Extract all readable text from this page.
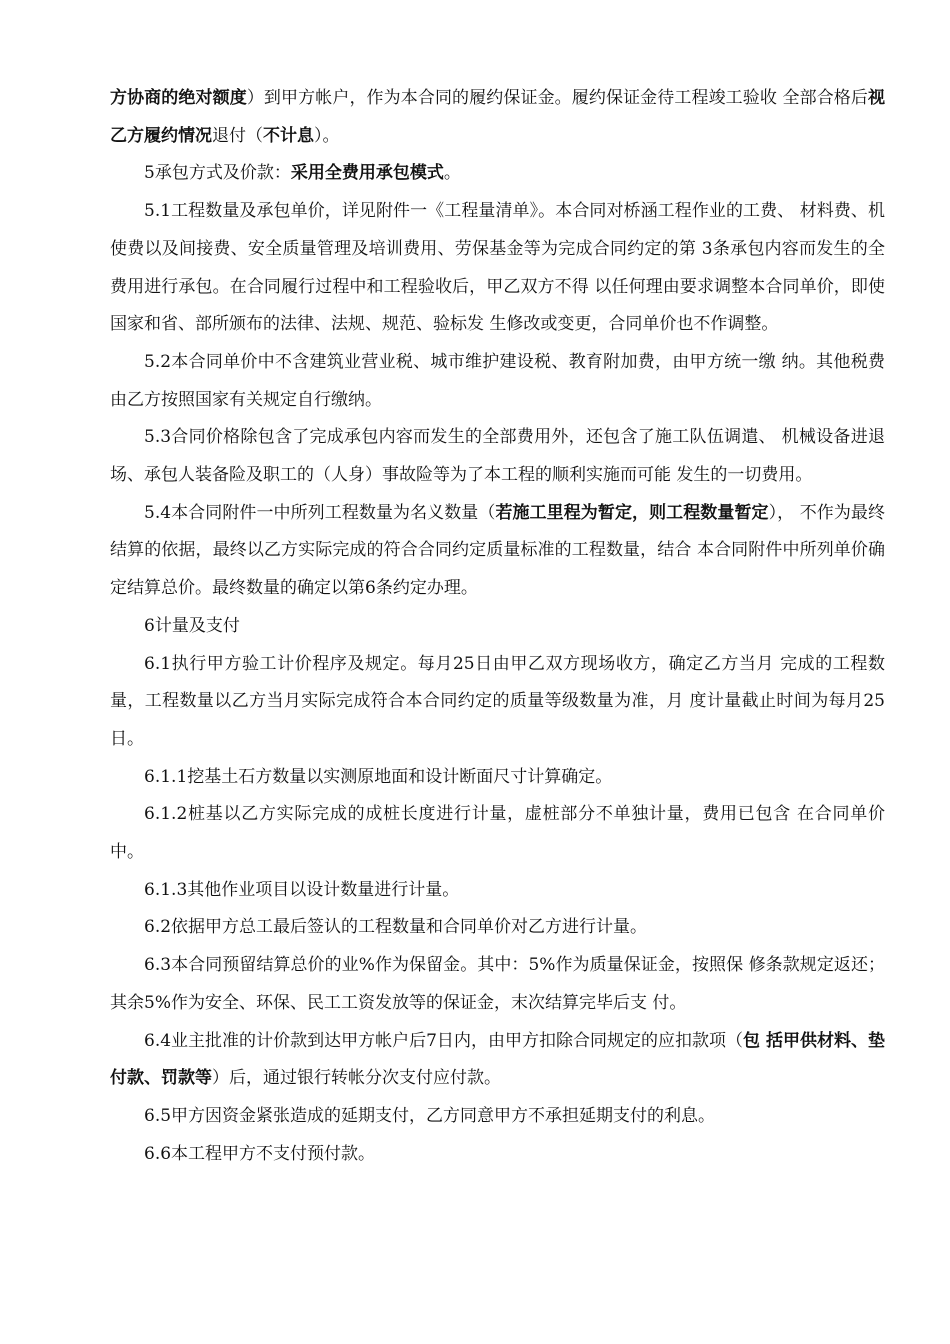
方协商的绝对额度）到甲方帐户，作为本合同的履约保证金。履约保证金待工程竣工验收 全部合格后视乙方履约情况退付（不计息）。

5承包方式及价款：采用全费用承包模式。

5.1工程数量及承包单价，详见附件一《工程量清单》。本合同对桥涵工程作业的工费、 材料费、机使费以及间接费、安全质量管理及培训费用、劳保基金等为完成合同约定的第 3条承包内容而发生的全费用进行承包。在合同履行过程中和工程验收后，甲乙双方不得 以任何理由要求调整本合同单价，即使国家和省、部所颁布的法律、法规、规范、验标发 生修改或变更，合同单价也不作调整。

5.2本合同单价中不含建筑业营业税、城市维护建设税、教育附加费，由甲方统一缴 纳。其他税费由乙方按照国家有关规定自行缴纳。

5.3合同价格除包含了完成承包内容而发生的全部费用外，还包含了施工队伍调遣、 机械设备进退场、承包人装备险及职工的（人身）事故险等为了本工程的顺利实施而可能 发生的一切费用。

5.4本合同附件一中所列工程数量为名义数量（若施工里程为暂定，则工程数量暂定）， 不作为最终结算的依据，最终以乙方实际完成的符合合同约定质量标准的工程数量，结合 本合同附件中所列单价确定结算总价。最终数量的确定以第6条约定办理。

6计量及支付

6.1执行甲方验工计价程序及规定。每月25日由甲乙双方现场收方，确定乙方当月 完成的工程数量，工程数量以乙方当月实际完成符合本合同约定的质量等级数量为准，月 度计量截止时间为每月25日。

6.1.1挖基土石方数量以实测原地面和设计断面尺寸计算确定。

6.1.2桩基以乙方实际完成的成桩长度进行计量，虚桩部分不单独计量，费用已包含 在合同单价中。

6.1.3其他作业项目以设计数量进行计量。

6.2依据甲方总工最后签认的工程数量和合同单价对乙方进行计量。

6.3本合同预留结算总价的业%作为保留金。其中：5%作为质量保证金，按照保 修条款规定返还；其余5%作为安全、环保、民工工资发放等的保证金，末次结算完毕后支 付。

6.4业主批准的计价款到达甲方帐户后7日内，由甲方扣除合同规定的应扣款项（包 括甲供材料、垫付款、罚款等）后，通过银行转帐分次支付应付款。

6.5甲方因资金紧张造成的延期支付，乙方同意甲方不承担延期支付的利息。

6.6本工程甲方不支付预付款。
